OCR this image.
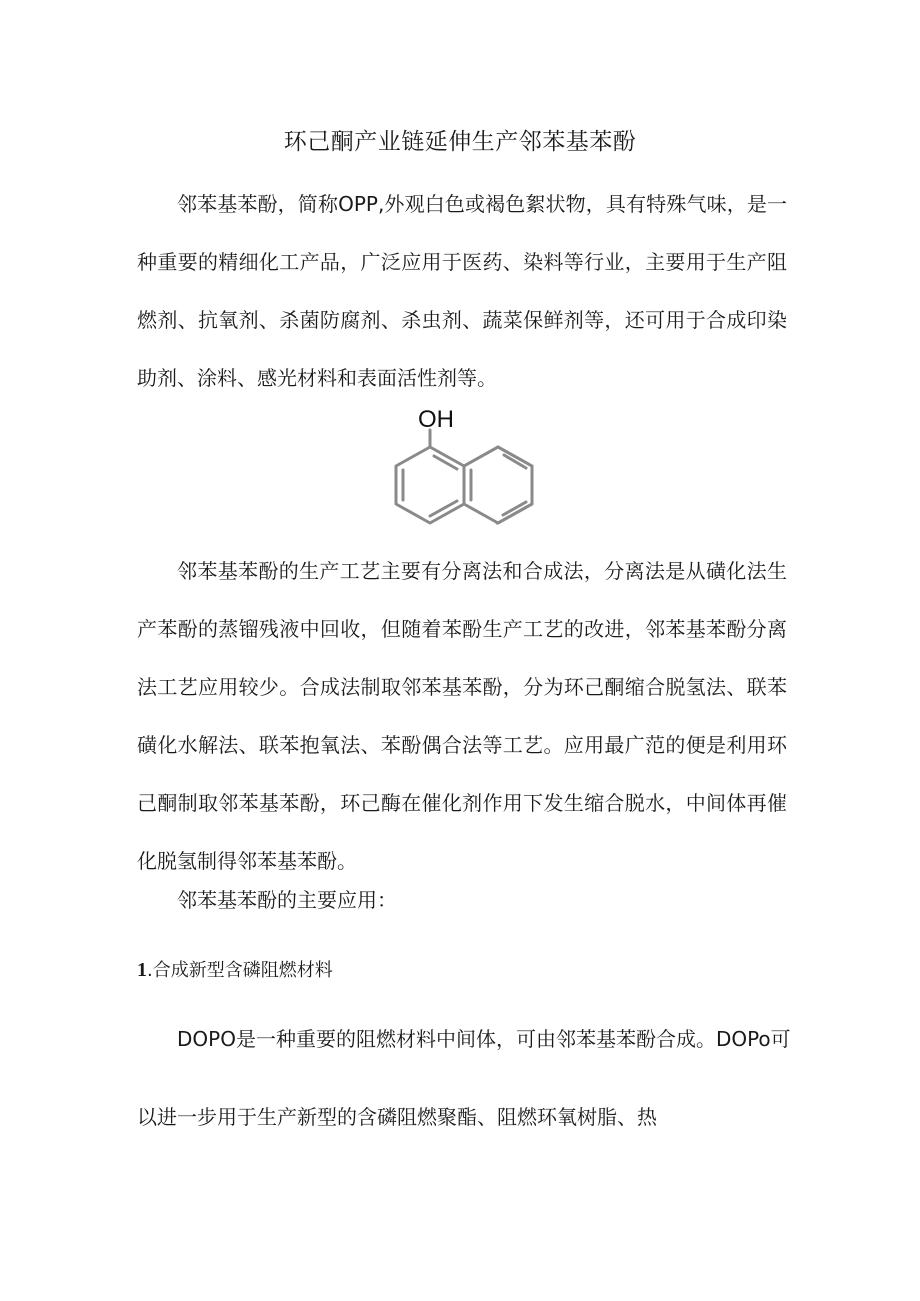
环己酮产业链延伸生产邻苯基苯酚

邻苯基苯酚，简称OPP,外观白色或褐色絮状物，具有特殊气味，是一种重要的精细化工产品，广泛应用于医药、染料等行业，主要用于生产阻燃剂、抗氧剂、杀菌防腐剂、杀虫剂、蔬菜保鲜剂等，还可用于合成印染助剂、涂料、感光材料和表面活性剂等。

OH

邻苯基苯酚的生产工艺主要有分离法和合成法，分离法是从磺化法生产苯酚的蒸镏残液中回收，但随着苯酚生产工艺的改进，邻苯基苯酚分离法工艺应用较少。合成法制取邻苯基苯酚，分为环己酮缩合脱氢法、联苯磺化水解法、联苯抱氧法、苯酚偶合法等工艺。应用最广范的便是利用环己酮制取邻苯基苯酚，环己酶在催化剂作用下发生缩合脱水，中间体再催化脱氢制得邻苯基苯酚。

邻苯基苯酚的主要应用：
1.合成新型含磷阻燃材料
DOPO是一种重要的阻燃材料中间体，可由邻苯基苯酚合成。DOPo可
以进一步用于生产新型的含磷阻燃聚酯、阻燃环氧树脂、热
